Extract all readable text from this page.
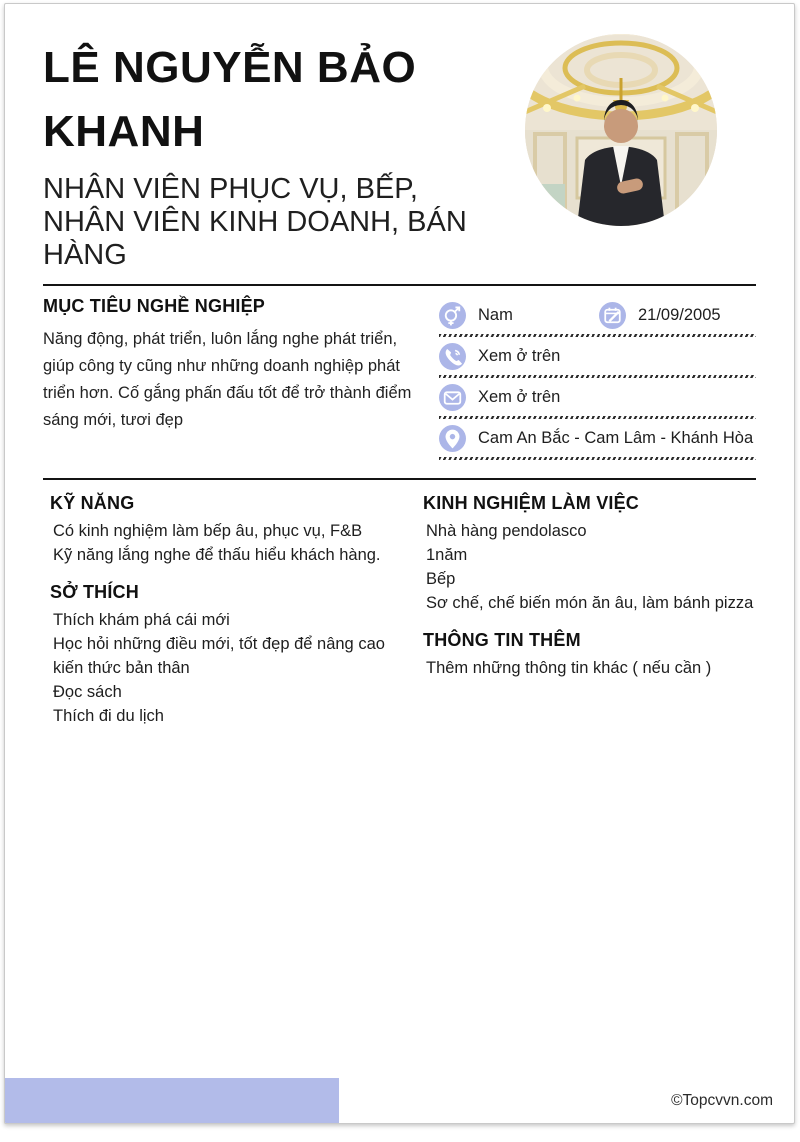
LÊ NGUYỄN BẢO KHANH
NHÂN VIÊN PHỤC VỤ, BẾP, NHÂN VIÊN KINH DOANH, BÁN HÀNG
MỤC TIÊU NGHỀ NGHIỆP

Năng động, phát triển, luôn lắng nghe phát triển, giúp công ty cũng như những doanh nghiệp phát triển hơn. Cố gắng phấn đấu tốt để trở thành điểm sáng mới, tươi đẹp

Nam	21/09/2005
Xem ở trên
Xem ở trên
Cam An Bắc - Cam Lâm - Khánh Hòa
KỸ NĂNG
Có kinh nghiệm làm bếp âu, phục vụ, F&B
Kỹ năng lắng nghe để thấu hiểu khách hàng.
SỞ THÍCH
Thích khám phá cái mới
Học hỏi những điều mới, tốt đẹp để nâng cao kiến thức bản thân
Đọc sách
Thích đi du lịch
KINH NGHIỆM LÀM VIỆC
Nhà hàng pendolasco
1năm
Bếp
Sơ chế, chế biến món ăn âu, làm bánh pizza
THÔNG TIN THÊM
Thêm những thông tin khác ( nếu cần )
©Topcvvn.com
